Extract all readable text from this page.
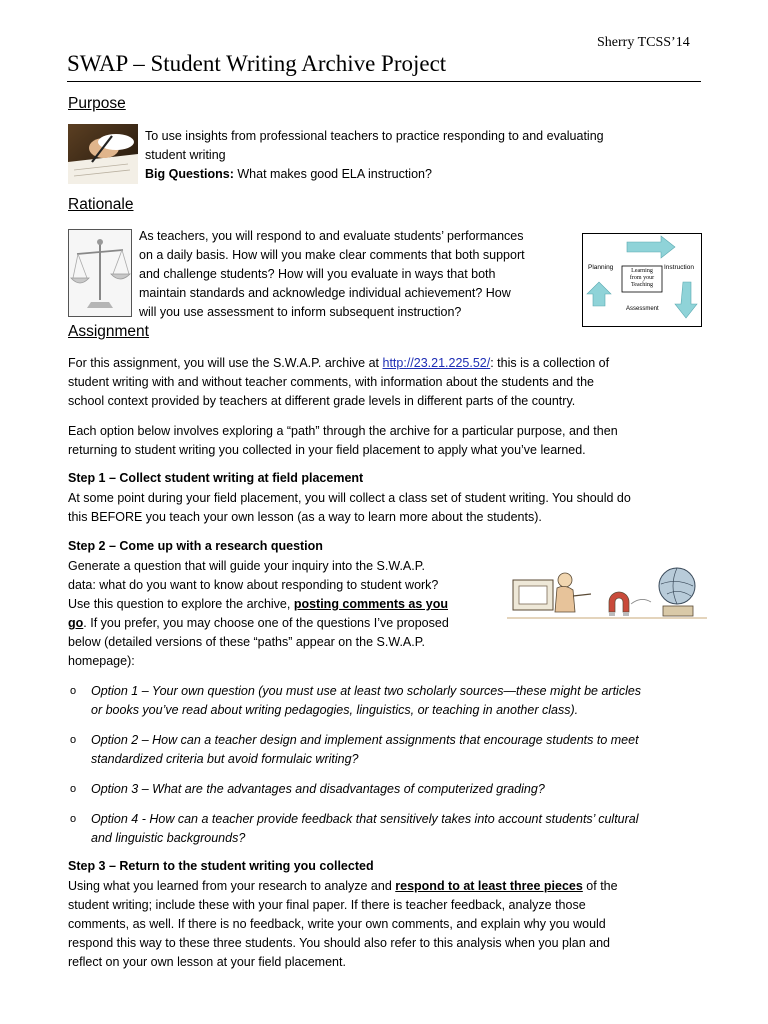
Sherry TCSS’14
SWAP – Student Writing Archive Project
Purpose
To use insights from professional teachers to practice responding to and evaluating
student writing
Big Questions: What makes good ELA instruction?
Rationale
As teachers, you will respond to and evaluate students’ performances
on a daily basis. How will you make clear comments that both support
and challenge students? How will you evaluate in ways that both
maintain standards and acknowledge individual achievement? How
will you use assessment to inform subsequent instruction?
Planning	Instruction
Assessment
Learning
from your
Teaching
Assignment
For this assignment, you will use the S.W.A.P. archive at http://23.21.225.52/: this is a collection of
student writing with and without teacher comments, with information about the students and the
school context provided by teachers at different grade levels in different parts of the country.
Each option below involves exploring a “path” through the archive for a particular purpose, and then
returning to student writing you collected in your field placement to apply what you’ve learned.
Step 1 – Collect student writing at field placement
At some point during your field placement, you will collect a class set of student writing. You should do
this BEFORE you teach your own lesson (as a way to learn more about the students).
Step 2 – Come up with a research question
Generate a question that will guide your inquiry into the S.W.A.P.
data: what do you want to know about responding to student work?
Use this question to explore the archive, posting comments as you
go. If you prefer, you may choose one of the questions I’ve proposed
below (detailed versions of these “paths” appear on the S.W.A.P.
homepage):
o Option 1 – Your own question (you must use at least two scholarly sources—these might be articles
or books you’ve read about writing pedagogies, linguistics, or teaching in another class).
o Option 2 – How can a teacher design and implement assignments that encourage students to meet
standardized criteria but avoid formulaic writing?
o Option 3 – What are the advantages and disadvantages of computerized grading?
o Option 4 - How can a teacher provide feedback that sensitively takes into account students’ cultural
and linguistic backgrounds?
Step 3 – Return to the student writing you collected
Using what you learned from your research to analyze and respond to at least three pieces of the
student writing; include these with your final paper. If there is teacher feedback, analyze those
comments, as well. If there is no feedback, write your own comments, and explain why you would
respond this way to these three students. You should also refer to this analysis when you plan and
reflect on your own lesson at your field placement.
